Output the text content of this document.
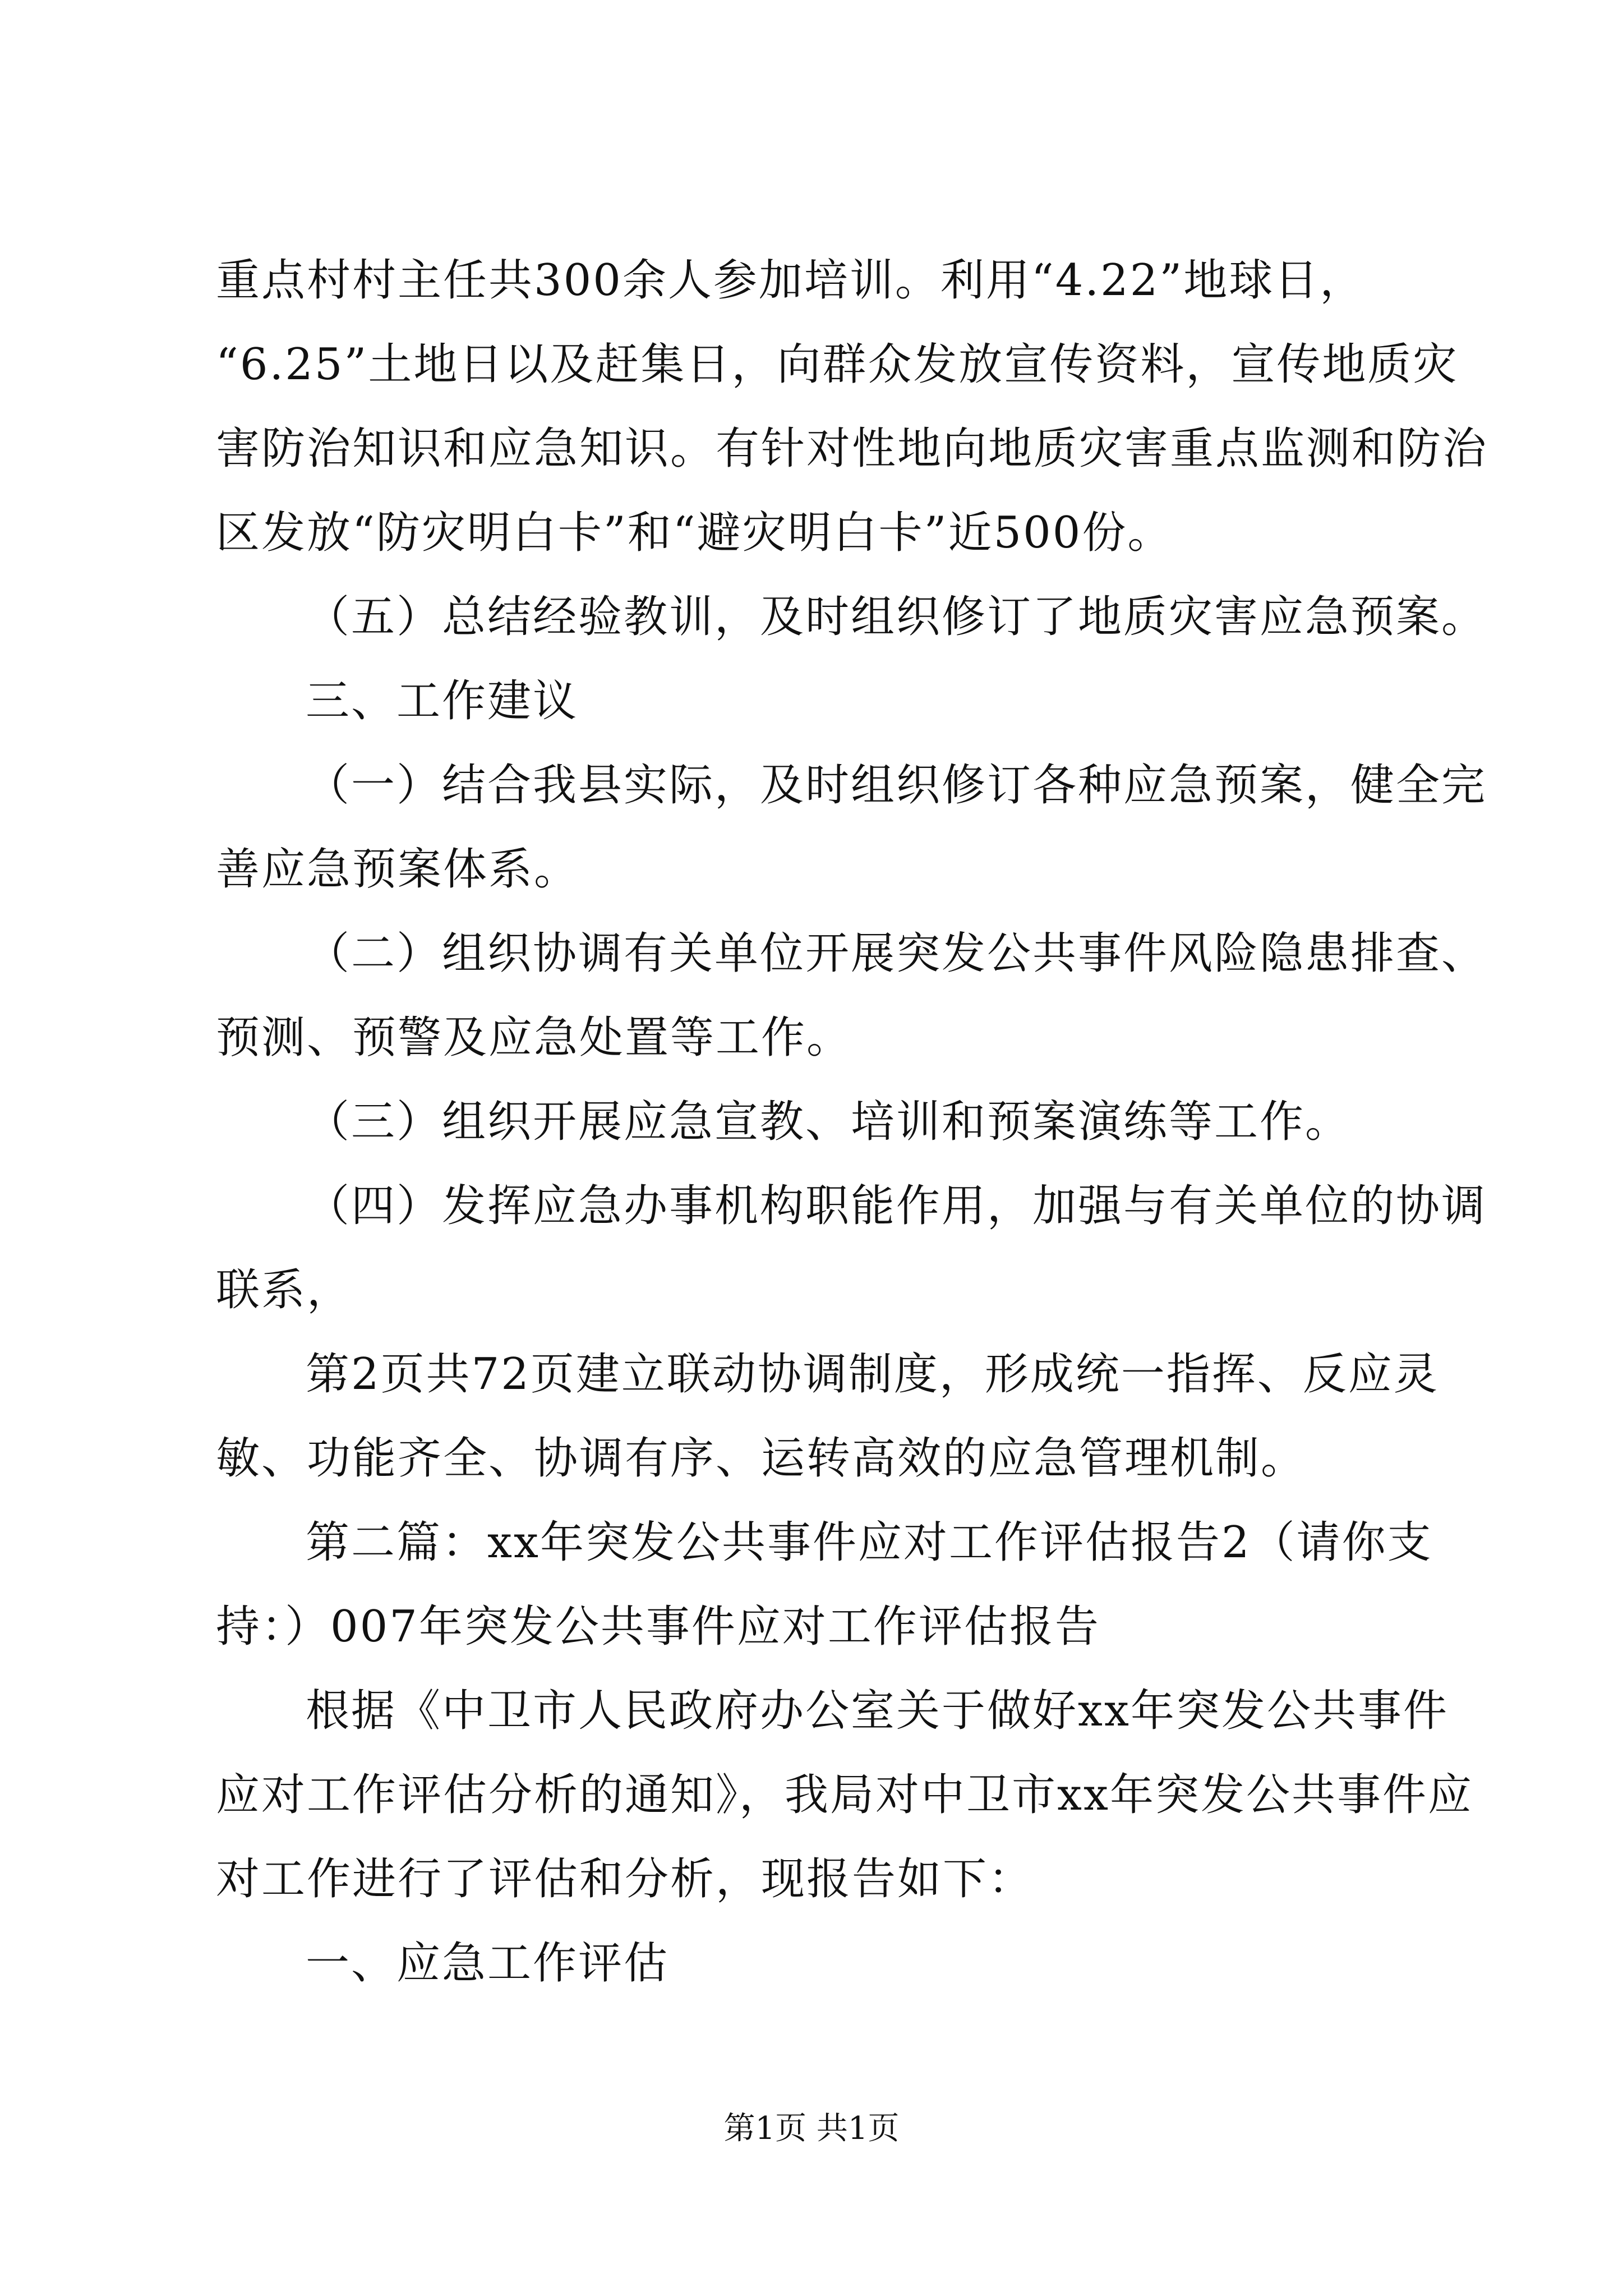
重点村村主任共300余人参加培训。利用“4.22”地球日，
“6.25”土地日以及赶集日，向群众发放宣传资料，宣传地质灾
害防治知识和应急知识。有针对性地向地质灾害重点监测和防治
区发放“防灾明白卡”和“避灾明白卡”近500份。
（五）总结经验教训，及时组织修订了地质灾害应急预案。
三、工作建议
（一）结合我县实际，及时组织修订各种应急预案，健全完
善应急预案体系。
（二）组织协调有关单位开展突发公共事件风险隐患排查、
预测、预警及应急处置等工作。
（三）组织开展应急宣教、培训和预案演练等工作。
（四）发挥应急办事机构职能作用，加强与有关单位的协调
联系，
第2页共72页建立联动协调制度，形成统一指挥、反应灵
敏、功能齐全、协调有序、运转高效的应急管理机制。
第二篇：xx年突发公共事件应对工作评估报告2（请你支
持：）007年突发公共事件应对工作评估报告
根据《中卫市人民政府办公室关于做好xx年突发公共事件
应对工作评估分析的通知》，我局对中卫市xx年突发公共事件应
对工作进行了评估和分析，现报告如下：
一、应急工作评估
第1页 共1页
